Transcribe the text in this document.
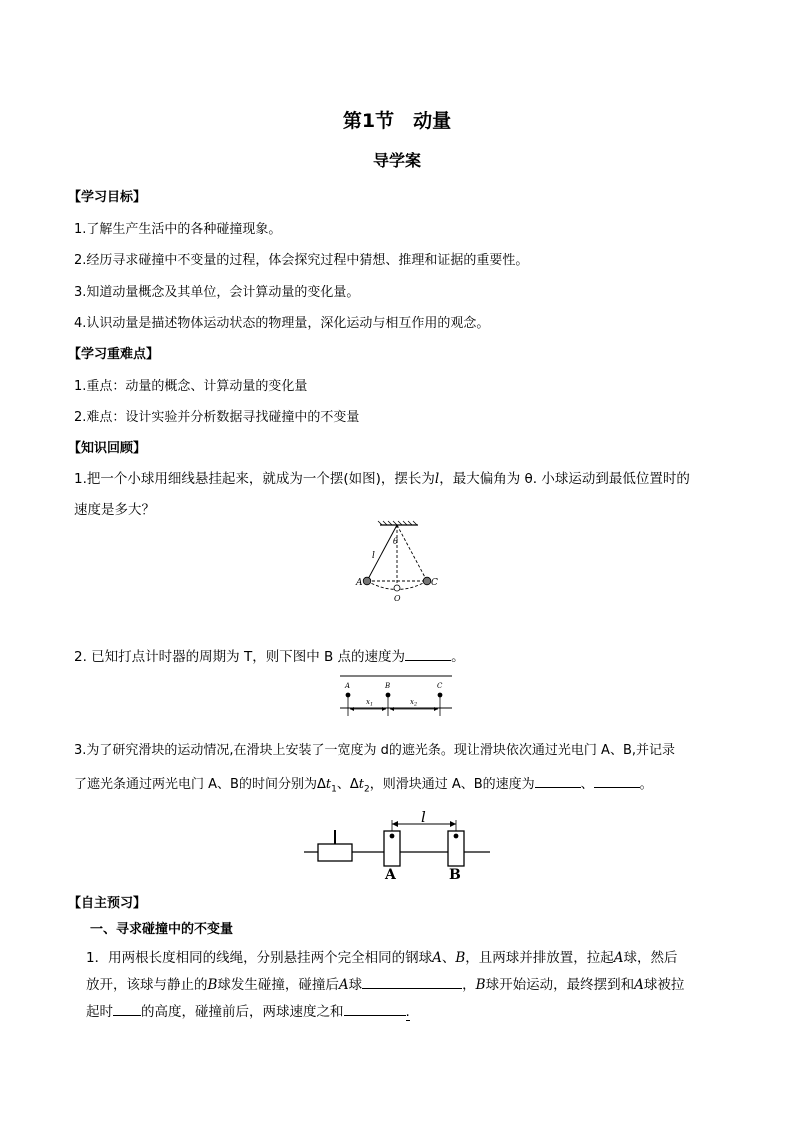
第1节　动量
导学案
【学习目标】
1.了解生产生活中的各种碰撞现象。
2.经历寻求碰撞中不变量的过程，体会探究过程中猜想、推理和证据的重要性。
3.知道动量概念及其单位，会计算动量的变化量。
4.认识动量是描述物体运动状态的物理量，深化运动与相互作用的观念。
【学习重难点】
1.重点：动量的概念、计算动量的变化量
2.难点：设计实验并分析数据寻找碰撞中的不变量
【知识回顾】
1.把一个小球用细线悬挂起来，就成为一个摆(如图)，摆长为l，最大偏角为 θ. 小球运动到最低位置时的
速度是多大？
θ
l
A	C
O
2. 已知打点计时器的周期为 T，则下图中 B 点的速度为	。
A	B	C
$x_1$	$x_2$
3.为了研究滑块的运动情况,在滑块上安装了一宽度为 d的遮光条。现让滑块依次通过光电门 A、B,并记录
了遮光条通过两光电门 A、B的时间分别为$\Delta t_1$、$\Delta t_2$，则滑块通过 A、B的速度为	、	。
l
A	B
【自主预习】
一、寻求碰撞中的不变量
1．用两根长度相同的线绳，分别悬挂两个完全相同的钢球A、B，且两球并排放置，拉起A球，然后
放开，该球与静止的B球发生碰撞，碰撞后A球	，B球开始运动，最终摆到和A球被拉
起时 的高度，碰撞前后，两球速度之和	.
